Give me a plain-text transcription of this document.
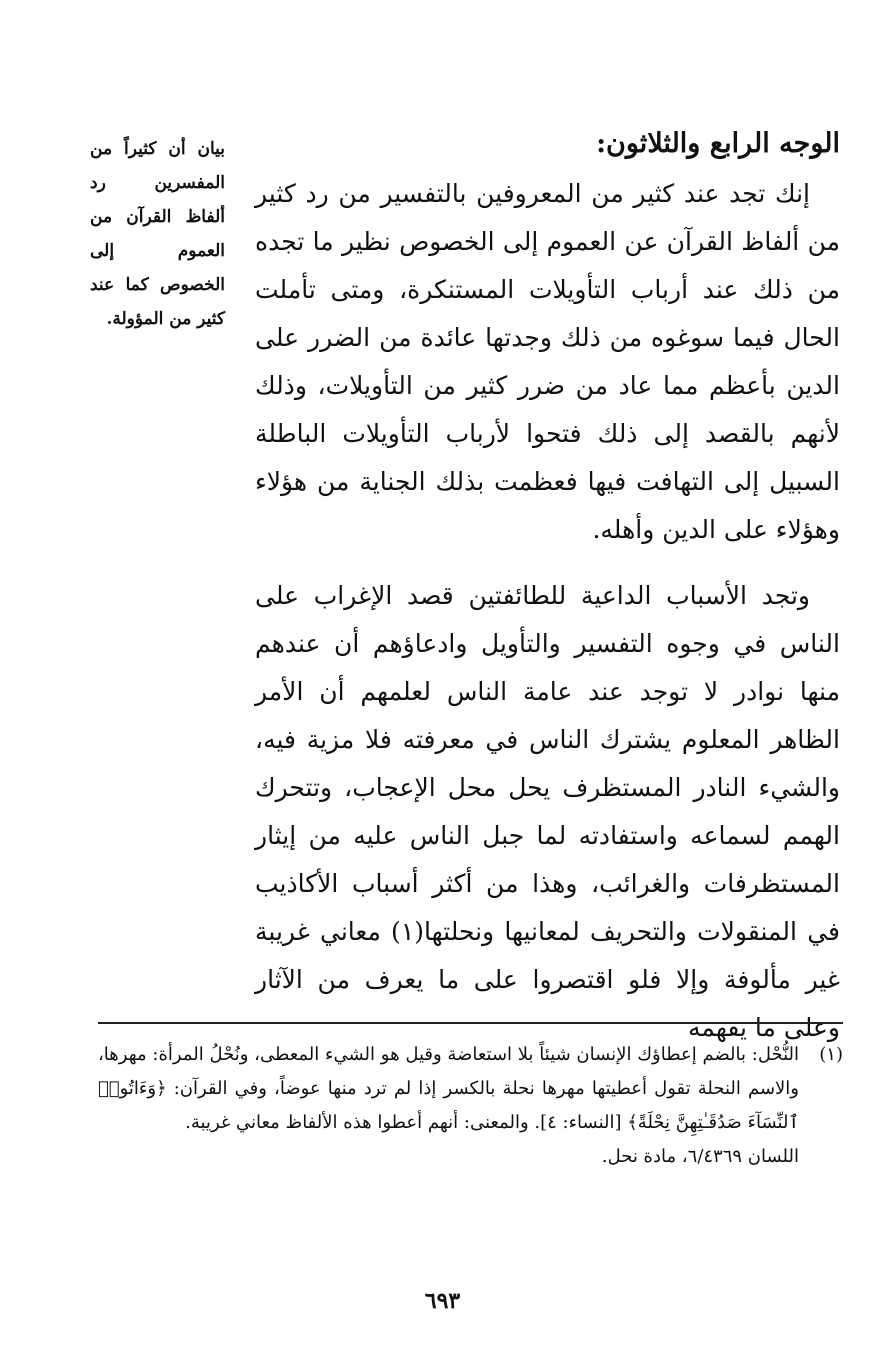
الوجه الرابع والثلاثون:

إنك تجد عند كثير من المعروفين بالتفسير من رد كثير من ألفاظ القرآن عن العموم إلى الخصوص نظير ما تجده من ذلك عند أرباب التأويلات المستنكرة، ومتى تأملت الحال فيما سوغوه من ذلك وجدتها عائدة من الضرر على الدين بأعظم مما عاد من ضرر كثير من التأويلات، وذلك لأنهم بالقصد إلى ذلك فتحوا لأرباب التأويلات الباطلة السبيل إلى التهافت فيها فعظمت بذلك الجناية من هؤلاء وهؤلاء على الدين وأهله.

وتجد الأسباب الداعية للطائفتين قصد الإغراب على الناس في وجوه التفسير والتأويل وادعاؤهم أن عندهم منها نوادر لا توجد عند عامة الناس لعلمهم أن الأمر الظاهر المعلوم يشترك الناس في معرفته فلا مزية فيه، والشيء النادر المستظرف يحل محل الإعجاب، وتتحرك الهمم لسماعه واستفادته لما جبل الناس عليه من إيثار المستظرفات والغرائب، وهذا من أكثر أسباب الأكاذيب في المنقولات والتحريف لمعانيها ونحلتها(١) معاني غريبة غير مألوفة وإلا فلو اقتصروا على ما يعرف من الآثار وعلى ما يفهمه

بيان أن كثيراً من المفسرين رد ألفاظ القرآن من العموم إلى الخصوص كما عند كثير من المؤولة.

(١)

النُّحْل: بالضم إعطاؤك الإنسان شيئاً بلا استعاضة وقيل هو الشيء المعطى، ونُحْلُ المرأة: مهرها، والاسم النحلة تقول أعطيتها مهرها نحلة بالكسر إذا لم ترد منها عوضاً، وفي القرآن: ﴿وَءَاتُوا۟ ٱلنِّسَآءَ صَدُقَـٰتِهِنَّ نِحْلَةً﴾ [النساء: ٤]. والمعنى: أنهم أعطوا هذه الألفاظ معاني غريبة.

اللسان ٦/٤٣٦٩، مادة نحل.

٦٩٣
